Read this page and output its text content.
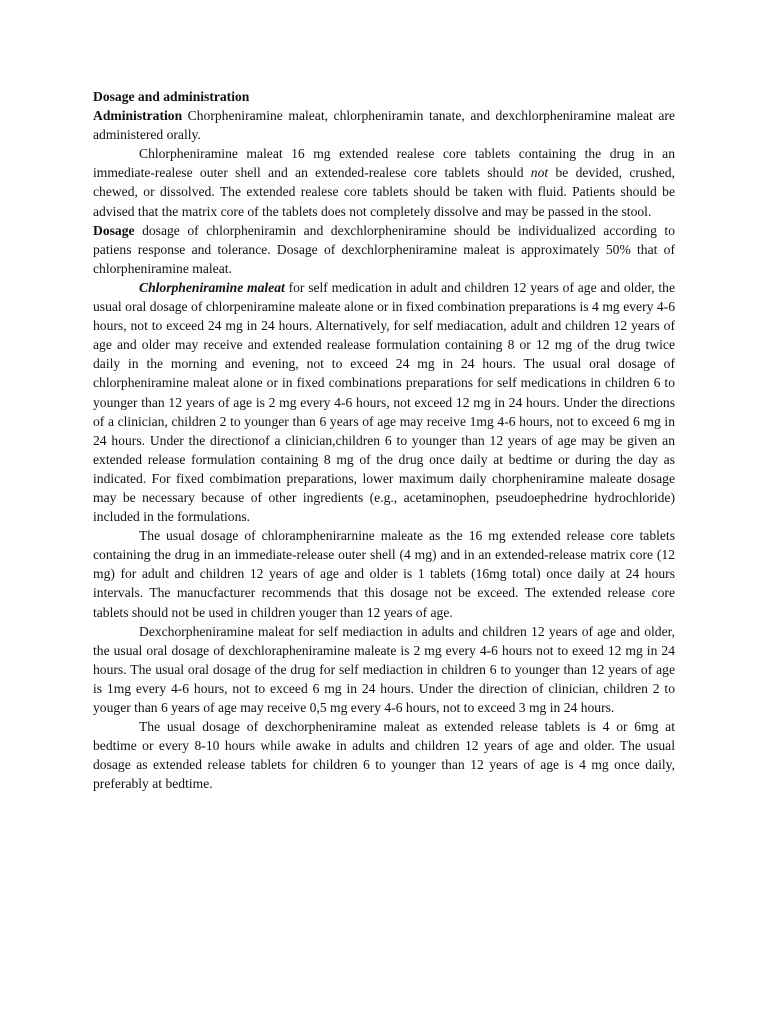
Dosage and administration

Administration Chorpheniramine maleat, chlorpheniramin tanate, and dexchlorpheniramine maleat are administered orally.

Chlorpheniramine maleat 16 mg extended realese core tablets containing the drug in an immediate-realese outer shell and an extended-realese core tablets should not be devided, crushed, chewed, or dissolved. The extended realese core tablets should be taken with fluid. Patients should be advised that the matrix core of the tablets does not completely dissolve and may be passed in the stool.

Dosage dosage of chlorpheniramin and dexchlorpheniramine should be individualized according to patiens response and tolerance. Dosage of dexchlorpheniramine maleat is approximately 50% that of chlorpheniramine maleat.

Chlorpheniramine maleat for self medication in adult and children 12 years of age and older, the usual oral dosage of chlorpeniramine maleate alone or in fixed combination preparations is 4 mg every 4-6 hours, not to exceed 24 mg in 24 hours. Alternatively, for self mediacation, adult and children 12 years of age and older may receive and extended realease formulation containing 8 or 12 mg of the drug twice daily in the morning and evening, not to exceed 24 mg in 24 hours. The usual oral dosage of chlorpheniramine maleat alone or in fixed combinations preparations for self medications in children 6 to younger than 12 years of age is 2 mg every 4-6 hours, not exceed 12 mg in 24 hours. Under the directions of a clinician, children 2 to younger than 6 years of age may receive 1mg 4-6 hours, not to exceed 6 mg in 24 hours. Under the directionof a clinician,children 6 to younger than 12 years of age may be given an extended release formulation containing 8 mg of the drug once daily at bedtime or during the day as indicated. For fixed combimation preparations, lower maximum daily chorpheniramine maleate dosage may be necessary because of other ingredients (e.g., acetaminophen, pseudoephedrine hydrochloride) included in the formulations.

The usual dosage of chloramphenirarnine maleate as the 16 mg extended release core tablets containing the drug in an immediate-release outer shell (4 mg) and in an extended-release matrix core (12 mg) for adult and children 12 years of age and older is 1 tablets (16mg total) once daily at 24 hours intervals. The manucfacturer recommends that this dosage not be exceed. The extended release core tablets should not be used in children youger than 12 years of age.

Dexchorpheniramine maleat for self mediaction in adults and children 12 years of age and older, the usual oral dosage of dexchlorapheniramine maleate is 2 mg every 4-6 hours not to exeed 12 mg in 24 hours. The usual oral dosage of the drug for self mediaction in children 6 to younger than 12 years of age is 1mg every 4-6 hours, not to exceed 6 mg in 24 hours. Under the direction of clinician, children 2 to youger than 6 years of age may receive 0,5 mg every 4-6 hours, not to exceed 3 mg in 24 hours.

The usual dosage of dexchorpheniramine maleat as extended release tablets is 4 or 6mg at bedtime or every 8-10 hours while awake in adults and children 12 years of age and older. The usual dosage as extended release tablets for children 6 to younger than 12 years of age is 4 mg once daily, preferably at bedtime.
